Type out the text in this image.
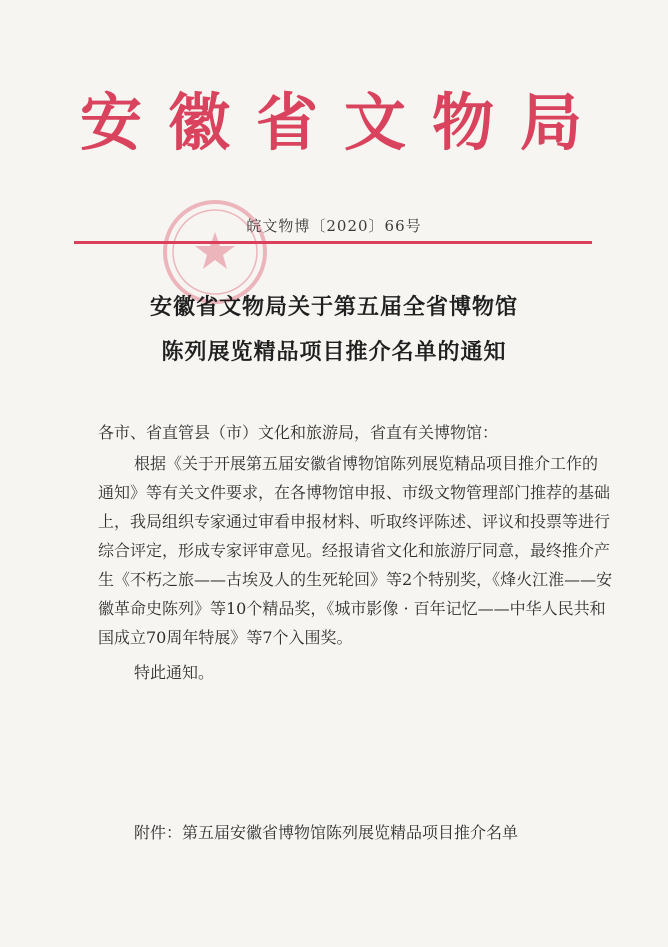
安徽省文物局
皖文物博〔2020〕66号
安徽省文物局关于第五届全省博物馆
陈列展览精品项目推介名单的通知

各市、省直管县（市）文化和旅游局，省直有关博物馆：

根据《关于开展第五届安徽省博物馆陈列展览精品项目推介工作的通知》等有关文件要求，在各博物馆申报、市级文物管理部门推荐的基础上，我局组织专家通过审看申报材料、听取终评陈述、评议和投票等进行综合评定，形成专家评审意见。经报请省文化和旅游厅同意，最终推介产生《不朽之旅——古埃及人的生死轮回》等2个特别奖，《烽火江淮——安徽革命史陈列》等10个精品奖，《城市影像 · 百年记忆——中华人民共和国成立70周年特展》等7个入围奖。

特此通知。

附件：第五届安徽省博物馆陈列展览精品项目推介名单
